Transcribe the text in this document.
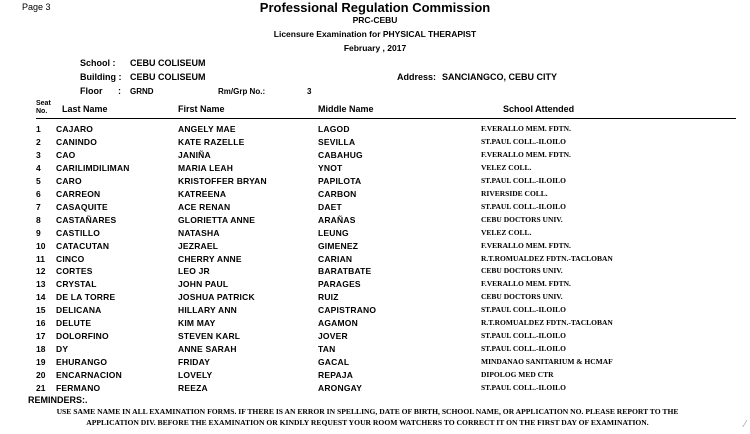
Page 3	Professional Regulation Commission
PRC-CEBU
Licensure Examination for PHYSICAL THERAPIST
February , 2017
School : CEBU COLISEUM
Building : CEBU COLISEUM
Floor : GRND	Rm/Grp No.:	3
Address: SANCIANGCO, CEBU CITY
Seat
No.	Last Name	First Name	Middle Name	School Attended
1 CAJARO	ANGELY MAE	LAGOD	F.VERALLO MEM. FDTN.
2 CANINDO	KATE RAZELLE	SEVILLA	ST.PAUL COLL.-ILOILO
3 CAO	JANIÑA	CABAHUG	F.VERALLO MEM. FDTN.
4 CARILIMDILIMAN	MARIA LEAH	YNOT	VELEZ COLL.
5 CARO	KRISTOFFER BRYAN	PAPILOTA	ST.PAUL COLL.-ILOILO
6 CARREON	KATREENA	CARBON	RIVERSIDE COLL.
7 CASAQUITE	ACE RENAN	DAET	ST.PAUL COLL.-ILOILO
8 CASTAÑARES	GLORIETTA ANNE	ARAÑAS	CEBU DOCTORS UNIV.
9 CASTILLO	NATASHA	LEUNG	VELEZ COLL.
10 CATACUTAN	JEZRAEL	GIMENEZ	F.VERALLO MEM. FDTN.
11 CINCO	CHERRY ANNE	CARIAN	R.T.ROMUALDEZ FDTN.-TACLOBAN
12 CORTES	LEO JR	BARATBATE	CEBU DOCTORS UNIV.
13 CRYSTAL	JOHN PAUL	PARAGES	F.VERALLO MEM. FDTN.
14 DE LA TORRE	JOSHUA PATRICK	RUIZ	CEBU DOCTORS UNIV.
15 DELICANA	HILLARY ANN	CAPISTRANO	ST.PAUL COLL.-ILOILO
16 DELUTE	KIM MAY	AGAMON	R.T.ROMUALDEZ FDTN.-TACLOBAN
17 DOLORFINO	STEVEN KARL	JOVER	ST.PAUL COLL.-ILOILO
18 DY	ANNE SARAH	TAN	ST.PAUL COLL.-ILOILO
19 EHURANGO	FRIDAY	GACAL	MINDANAO SANITARIUM & HCMAF
20 ENCARNACION	LOVELY	REPAJA	DIPOLOG MED CTR
21 FERMANO	REEZA	ARONGAY	ST.PAUL COLL.-ILOILO
REMINDERS:.
USE SAME NAME IN ALL EXAMINATION FORMS. IF THERE IS AN ERROR IN SPELLING, DATE OF BIRTH, SCHOOL NAME, OR APPLICATION NO. PLEASE REPORT TO THE APPLICATION DIV. BEFORE THE EXAMINATION OR KINDLY REQUEST YOUR ROOM WATCHERS TO CORRECT IT ON THE FIRST DAY OF EXAMINATION.	∕
